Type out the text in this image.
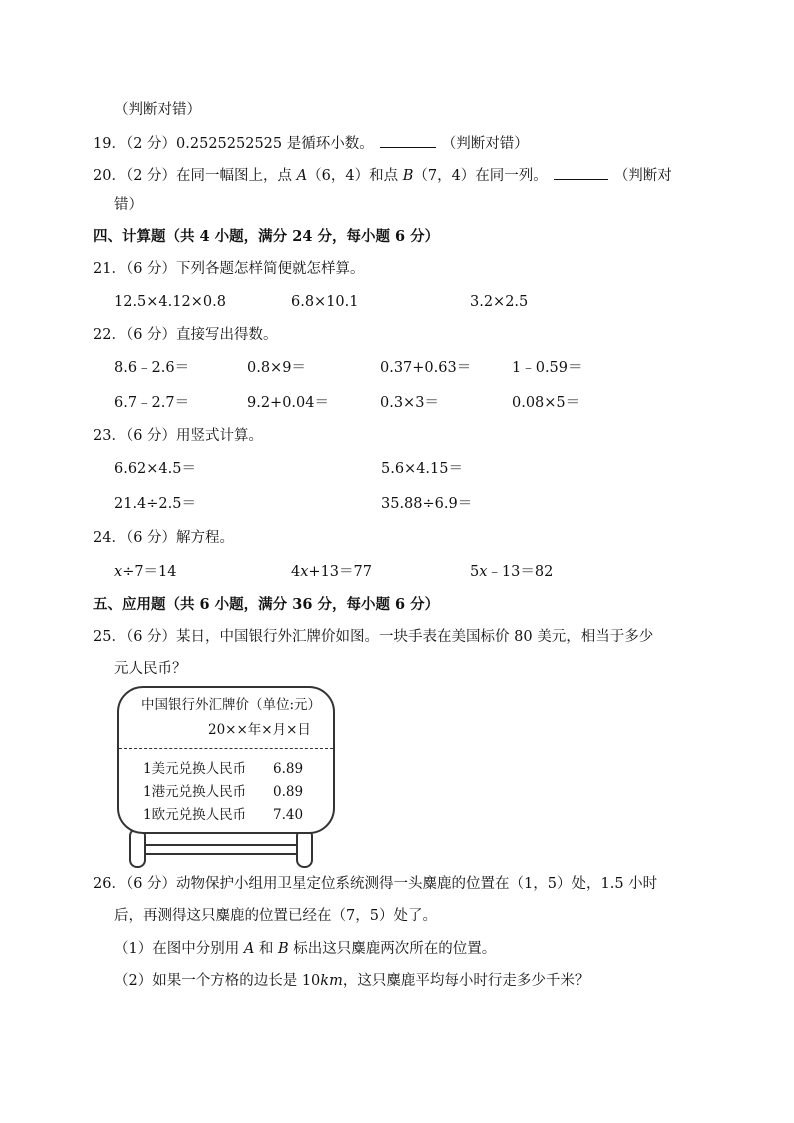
（判断对错）
19．（2 分）0.2525252525 是循环小数。	（判断对错）
20．（2 分）在同一幅图上，点 A（6，4）和点 B（7，4）在同一列。	（判断对
错）
四、计算题（共 4 小题，满分 24 分，每小题 6 分）
21．（6 分）下列各题怎样简便就怎样算。
12.5×4.12×0.8	6.8×10.1	3.2×2.5
22．（6 分）直接写出得数。
8.6﹣2.6＝	0.8×9＝	0.37+0.63＝	1﹣0.59＝
6.7﹣2.7＝	9.2+0.04＝	0.3×3＝	0.08×5＝
23．（6 分）用竖式计算。
6.62×4.5＝	5.6×4.15＝
21.4÷2.5＝	35.88÷6.9＝
24．（6 分）解方程。
x÷7＝14	4x+13＝77	5x﹣13＝82
五、应用题（共 6 小题，满分 36 分，每小题 6 分）
25．（6 分）某日，中国银行外汇牌价如图。一块手表在美国标价 80 美元，相当于多少
元人民币？
中国银行外汇牌价（单位:元）
20××年×月×日
1美元兑换人民币 6.89
1港元兑换人民币 0.89
1欧元兑换人民币 7.40
26．（6 分）动物保护小组用卫星定位系统测得一头麋鹿的位置在（1，5）处，1.5 小时
后，再测得这只麋鹿的位置已经在（7，5）处了。
（1）在图中分别用 A 和 B 标出这只麋鹿两次所在的位置。
（2）如果一个方格的边长是 10km，这只麋鹿平均每小时行走多少千米？
